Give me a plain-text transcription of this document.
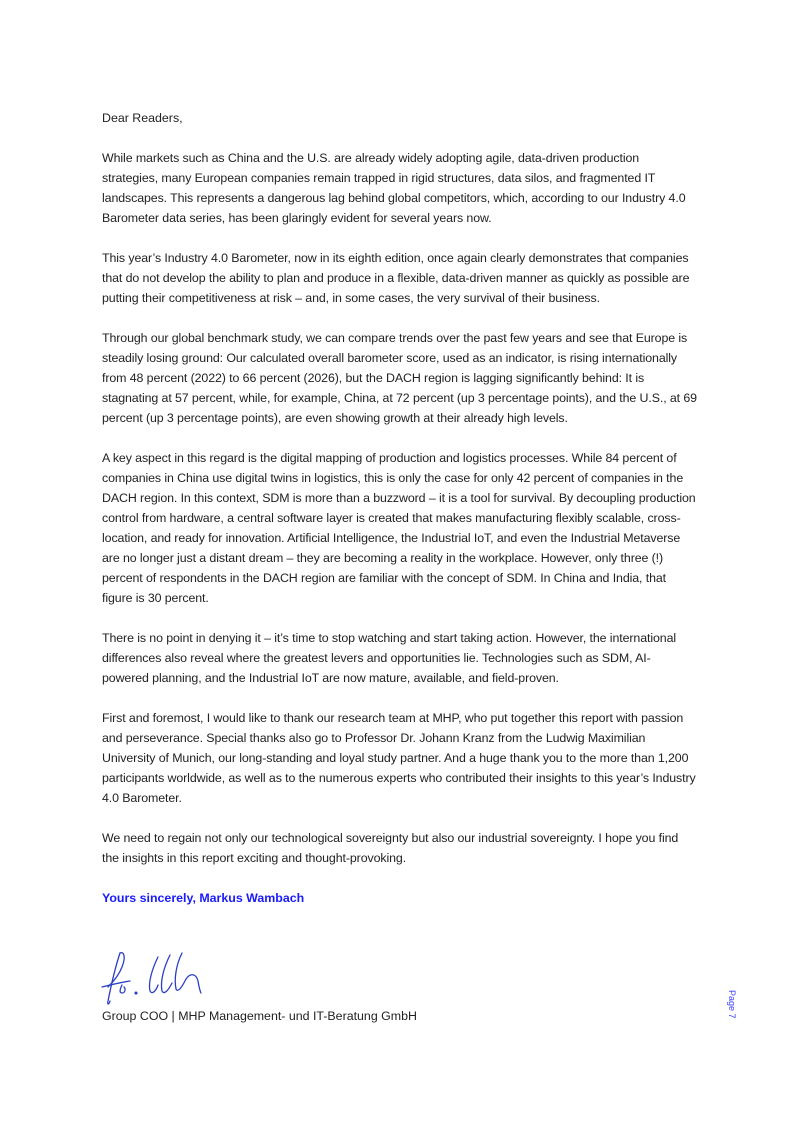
Dear Readers,

While markets such as China and the U.S. are already widely adopting agile, data-driven production strategies, many European companies remain trapped in rigid structures, data silos, and fragmented IT landscapes. This represents a dangerous lag behind global competitors, which, according to our Industry 4.0 Barometer data series, has been glaringly evident for several years now.

This year’s Industry 4.0 Barometer, now in its eighth edition, once again clearly demonstrates that companies that do not develop the ability to plan and produce in a flexible, data-driven manner as quickly as possible are putting their competitiveness at risk – and, in some cases, the very survival of their business.

Through our global benchmark study, we can compare trends over the past few years and see that Europe is steadily losing ground: Our calculated overall barometer score, used as an indicator, is rising internationally from 48 percent (2022) to 66 percent (2026), but the DACH region is lagging significantly behind: It is stagnating at 57 percent, while, for example, China, at 72 percent (up 3 percentage points), and the U.S., at 69 percent (up 3 percentage points), are even showing growth at their already high levels.

A key aspect in this regard is the digital mapping of production and logistics processes. While 84 percent of companies in China use digital twins in logistics, this is only the case for only 42 percent of companies in the DACH region. In this context, SDM is more than a buzzword – it is a tool for survival. By decoupling production control from hardware, a central software layer is created that makes manufacturing flexibly scalable, cross-location, and ready for innovation. Artificial Intelligence, the Industrial IoT, and even the Industrial Metaverse are no longer just a distant dream – they are becoming a reality in the workplace. However, only three (!) percent of respondents in the DACH region are familiar with the concept of SDM. In China and India, that figure is 30 percent.

There is no point in denying it – it’s time to stop watching and start taking action. However, the international differences also reveal where the greatest levers and opportunities lie. Technologies such as SDM, AI-powered planning, and the Industrial IoT are now mature, available, and field-proven.

First and foremost, I would like to thank our research team at MHP, who put together this report with passion and perseverance. Special thanks also go to Professor Dr. Johann Kranz from the Ludwig Maximilian University of Munich, our long-standing and loyal study partner. And a huge thank you to the more than 1,200 participants worldwide, as well as to the numerous experts who contributed their insights to this year’s Industry 4.0 Barometer.

We need to regain not only our technological sovereignty but also our industrial sovereignty. I hope you find the insights in this report exciting and thought-provoking.

Yours sincerely, Markus Wambach

Group COO | MHP Management- und IT-Beratung GmbH	Page 7
